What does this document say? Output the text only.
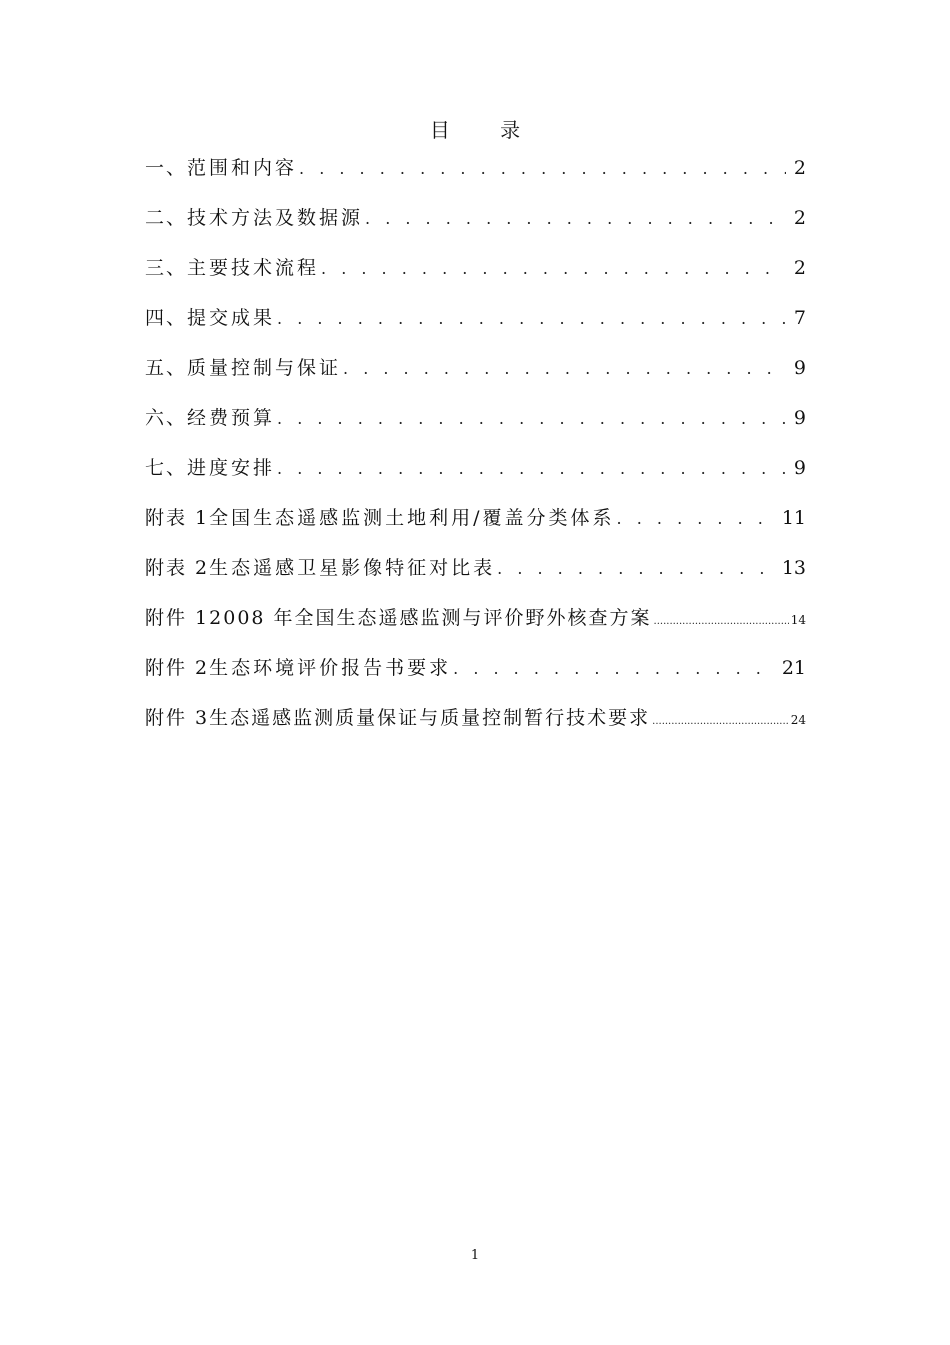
目 录
一、 范围和内容 . . .	2
二、 技术方法及数据源 . . .	2
三、 主要技术流程 . . .	2
四、 提交成果 . . .	7
五、 质量控制与保证 . . .	9
六、 经费预算 . . .	9
七、 进度安排 . . .	9
附表 1 全国生态遥感监测土地利用/覆盖分类体系 . . .	11
附表 2 生态遥感卫星影像特征对比表 . . .	13
附件 1 2008 年全国生态遥感监测与评价野外核查方案 .....	14
附件 2 生态环境评价报告书要求 . . .	21
附件 3 生态遥感监测质量保证与质量控制暂行技术要求 .....	24
1
